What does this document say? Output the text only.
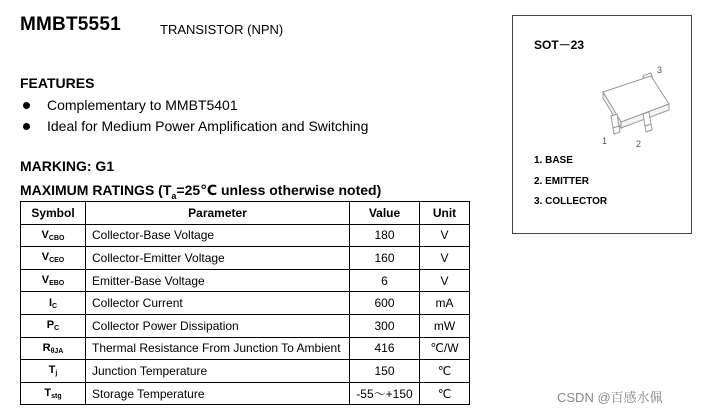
MMBT5551	TRANSISTOR (NPN)
FEATURES
Complementary to MMBT5401
Ideal for Medium Power Amplification and Switching
MARKING: G1
MAXIMUM RATINGS ($T_a=25℃$ unless otherwise noted)
Symbol	Parameter	Value	Unit
$V_{CBO}$	Collector-Base Voltage	180	V
$V_{CEO}$	Collector-Emitter Voltage	160	V
$V_{EBO}$	Emitter-Base Voltage	6	V
$I_C$	Collector Current	600	mA
$P_C$	Collector Power Dissipation	300	mW
$R_{\theta JA}$	Thermal Resistance From Junction To Ambient	416	℃/W
$T_j$	Junction Temperature	150	℃
$T_{stg}$	Storage Temperature	-55～+150	℃
SOT－23
3
1	2
1. BASE
2. EMITTER
3. COLLECTOR
CSDN @百感水佩
